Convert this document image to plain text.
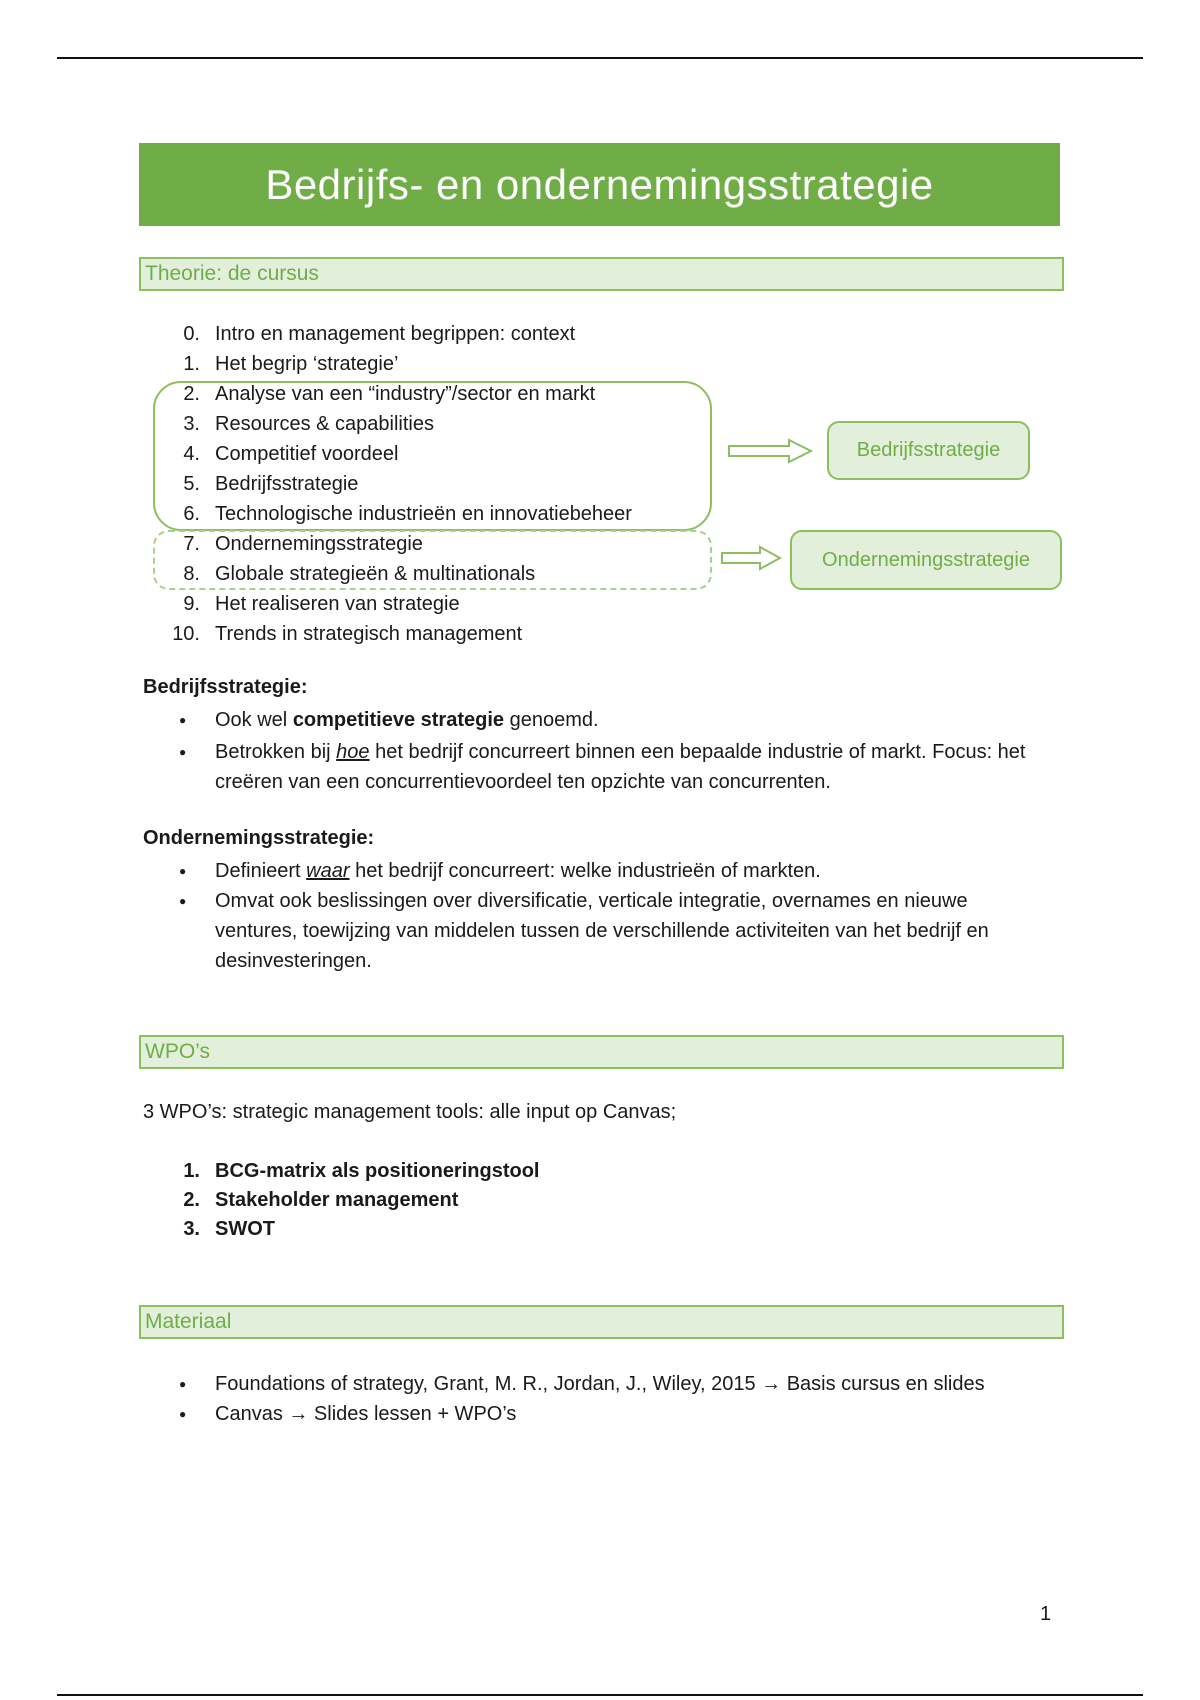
Bedrijfs- en ondernemingsstrategie
Theorie: de cursus
0. Intro en management begrippen: context
1. Het begrip ‘strategie’
2. Analyse van een “industry”/sector en markt
3. Resources & capabilities
4. Competitief voordeel
5. Bedrijfsstrategie
6. Technologische industrieën en innovatiebeheer
7. Ondernemingsstrategie
8. Globale strategieën & multinationals
9. Het realiseren van strategie
10. Trends in strategisch management
Bedrijfsstrategie
Ondernemingsstrategie
Bedrijfsstrategie:
● Ook wel competitieve strategie genoemd.
● Betrokken bij hoe het bedrijf concurreert binnen een bepaalde industrie of markt. Focus: het creëren van een concurrentievoordeel ten opzichte van concurrenten.
Ondernemingsstrategie:
● Definieert waar het bedrijf concurreert: welke industrieën of markten.
● Omvat ook beslissingen over diversificatie, verticale integratie, overnames en nieuwe ventures, toewijzing van middelen tussen de verschillende activiteiten van het bedrijf en desinvesteringen.
WPO’s
3 WPO’s: strategic management tools: alle input op Canvas;
1. BCG-matrix als positioneringstool
2. Stakeholder management
3. SWOT
Materiaal
● Foundations of strategy, Grant, M. R., Jordan, J., Wiley, 2015 → Basis cursus en slides
● Canvas → Slides lessen + WPO’s
1
